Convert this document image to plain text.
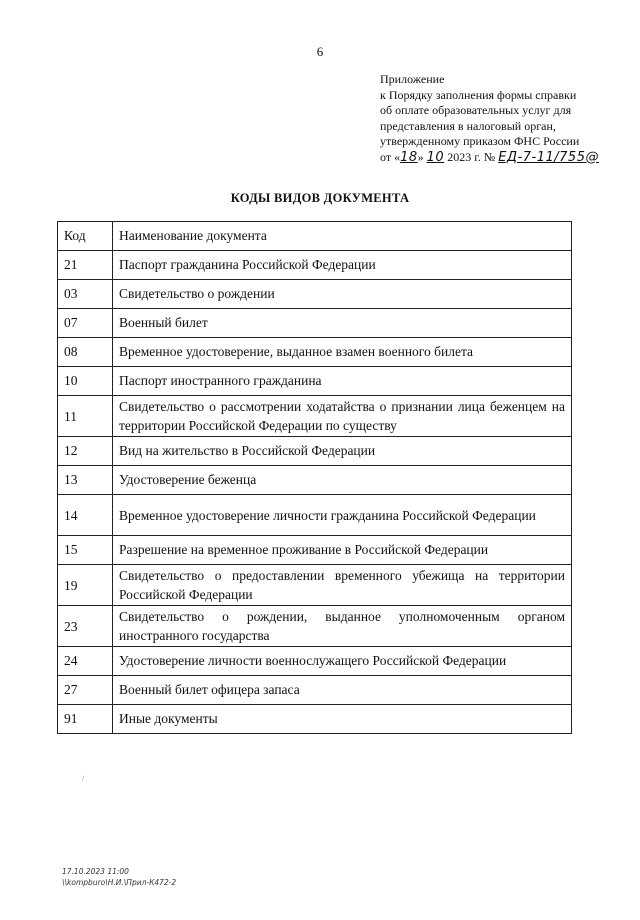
6
Приложение
к Порядку заполнения формы справки
об оплате образовательных услуг для
представления в налоговый орган,
утвержденному приказом ФНС России
от «18» 10 2023 г. № ЕД-7-11/755@
КОДЫ ВИДОВ ДОКУМЕНТА
Код	Наименование документа
21	Паспорт гражданина Российской Федерации
03	Свидетельство о рождении
07	Военный билет
08	Временное удостоверение, выданное взамен военного билета
10	Паспорт иностранного гражданина
11	Свидетельство о рассмотрении ходатайства о признании лица беженцем на территории Российской Федерации по существу
12	Вид на жительство в Российской Федерации
13	Удостоверение беженца
14	Временное удостоверение личности гражданина Российской Федерации
15	Разрешение на временное проживание в Российской Федерации
19	Свидетельство о предоставлении временного убежища на территории Российской Федерации
23	Свидетельство о рождении, выданное уполномоченным органом иностранного государства
24	Удостоверение личности военнослужащего Российской Федерации
27	Военный билет офицера запаса
91	Иные документы
/
17.10.2023 11:00
\\kompburo\Н.И.\Прил-К472-2
